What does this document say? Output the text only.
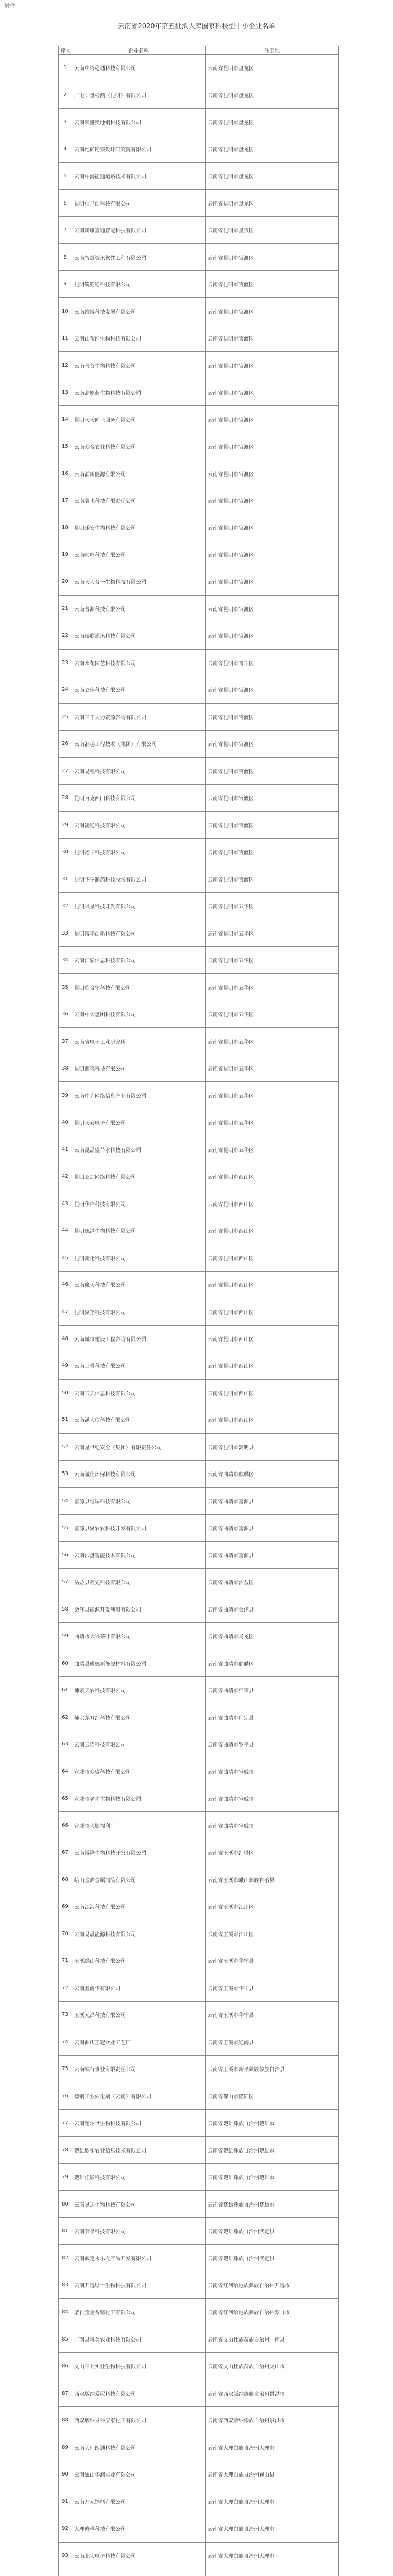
附件
云南省2020年第五批拟入库国家科技型中小企业名单
序号	企业名称	注册地
1	云南中咨稳通科技有限公司	云南省昆明市盘龙区
2	广电计量检测（昆明）有限公司	云南省昆明市盘龙区
3	云南领盛奥地钢科技有限公司	云南省昆明市盘龙区
4	云南地矿勘察设计研究院有限公司	云南省昆明市盘龙区
5	云南中海能通道路技术有限公司	云南省昆明市盘龙区
6	昆明信马创科技有限公司	云南省昆明市盘龙区
7	云南新康富通智能科技有限公司	云南省昆明市呈贡区
8	云南智慧资讯软件工程有限公司	云南省昆明市官渡区
9	昆明锐勤通科技有限公司	云南省昆明市官渡区
10	云南维博科技发展有限公司	云南省昆明市官渡区
11	云南山莹红生物科技有限公司	云南省昆明市官渡区
12	云南善谷生物科技有限公司	云南省昆明市官渡区
13	云南高原蓝生物科技有限公司	云南省昆明市官渡区
14	昆明天天向上服务有限公司	云南省昆明市官渡区
15	云南众合农业科技有限公司	云南省昆明市官渡区
16	云南浦新能源有限公司	云南省昆明市官渡区
17	云南翼飞科技有限责任公司	云南省昆明市官渡区
18	昆明乐安生物科技有限公司	云南省昆明市官渡区
19	云南映鸣科技有限公司	云南省昆明市官渡区
20	云南天人合一生物科技有限公司	云南省昆明市官渡区
21	云南普源科技有限公司	云南省昆明市官渡区
22	云南瑞联通讯科技有限公司	云南省昆明市官渡区
23	云南水花园艺科技有限公司	云南省昆明市晋宁区
24	云南立佳科技有限公司	云南省昆明市官渡区
25	云南三千人力资源咨询有限公司	云南省昆明市官渡区
26	云南润趣工程技术（集团）有限公司	云南省昆明市官渡区
27	云南易程科技有限公司	云南省昆明市官渡区
28	昆明百克西门科技有限公司	云南省昆明市官渡区
29	云南凌通科技有限公司	云南省昆明市官渡区
30	昆明德卡科技有限公司	云南省昆明市官渡区
31	昆明华生制药科技股份有限公司	云南省昆明市官渡区
32	昆明兴星科技开发有限公司	云南省昆明市五华区
33	昆明博华创新科技有限公司	云南省昆明市五华区
34	云南汇彩信息科技有限公司	云南省昆明市五华区
35	昆明临舍宁科技有限公司	云南省昆明市五华区
36	云南中大惠团科技有限公司	云南省昆明市五华区
37	云南省电子工业研究所	云南省昆明市五华区
38	昆明蓝森科技有限公司	云南省昆明市五华区
39	云南中为网络信息产业有限公司	云南省昆明市五华区
40	昆明天泰电子有限公司	云南省昆明市五华区
41	云南昆品盛节水科技有限公司	云南省昆明市五华区
42	昆明亚加网络科技有限公司	云南省昆明市西山区
43	昆明华信科技有限公司	云南省昆明市西山区
44	昆明德港生物科技有限公司	云南省昆明市西山区
45	昆明新化科技有限公司	云南省昆明市西山区
46	云南魔天科技有限公司	云南省昆明市西山区
47	昆明聚翔科技有限公司	云南省昆明市西山区
48	云南城市建设工程咨询有限公司	云南省昆明市西山区
49	云南三骨科技有限公司	云南省昆明市西山区
50	云南云天信息科技有限公司	云南省昆明市西山区
51	云南满大信科技有限公司	云南省昆明市西山区
52	云南星世纪安全（集团）有限责任公司	云南省昆明市嵩明县
53	云南诚佳环保科技有限公司	云南省曲靖市麒麟区
54	富源县恒瑞科技有限公司	云南省曲靖市富源县
55	富源县聚农农科技开发有限公司	云南省曲靖市富源县
56	云南沙盘智能技术有限公司	云南省曲靖市富源县
57	沾益县领先科技有限公司	云南省曲靖市沾益区
58	会泽县能源开发利用有限公司	云南省曲靖市会泽县
59	曲靖市大兴茶叶有限公司	云南省曲靖市马龙区
60	曲靖县耀德新能源材料有限公司	云南省曲靖市麒麟区
61	师宗天农科技有限公司	云南省曲靖市师宗县
62	师宗东方红科技有限公司	云南省曲靖市师宗县
63	云南云语科技有限公司	云南省曲靖市罗平县
64	宣威市众盛科技有限公司	云南省曲靖市宣威市
65	宣威市老才生物科技有限公司	云南省曲靖市宣威市
66	宣威市火腿福利厂	云南省曲靖市宣威市
67	云南博隆生物科技开发有限公司	云南省玉溪市红塔区
68	峨山金峰金属制品有限公司	云南省玉溪市峨山彝族自治县
69	云南江海科技有限公司	云南省玉溪市江川区
70	云南易晨能源科技有限公司	云南省玉溪市江川区
71	玉溪绿山科技有限公司	云南省玉溪市华宁县
72	云南鑫鸿华有限公司	云南省玉溪市华宁县
73	玉溪元昌科技有限公司	云南省玉溪市华宁县
74	云南曲庆王冠饮业工艺厂	云南省玉溪市通海县
75	云南铁行事业有限责任公司	云南省玉溪市新平彝族傣族自治县
76	德钢工业催化剂（云南）有限公司	云南省保山市隆阳区
77	云南楚尔世生物科技有限公司	云南省楚雄彝族自治州楚雄市
78	楚雄欣和农业信息技术有限公司	云南省楚雄彝族自治州楚雄市
79	楚雄佳影科技有限公司	云南省楚雄彝族自治州楚雄市
80	云南显达生物科技有限公司	云南省楚雄彝族自治州楚雄市
81	云南芸泉科技有限公司	云南省楚雄彝族自治州武定县
82	云南武定永乐农产品开发有限公司	云南省楚雄彝族自治州武定县
83	云南开远绿世生物科技有限公司	云南省红河哈尼族彝族自治州开远市
84	蒙自宝金香馨化工有限公司	云南省红河哈尼族彝族自治州蒙自市
85	广南县科美农业科技有限公司	云南省文山壮族苗族自治州广南县
86	文山三七实业生物科技有限公司	云南省文山壮族苗族自治州文山市
87	西双版纳爱尼科技有限公司	云南省西双版纳傣族自治州景洪市
88	西双版纳景谷康泰化工有限公司	云南省西双版纳傣族自治州景洪市
89	云南大理四通科技有限公司	云南省大理白族自治州大理市
90	云南巍山华润实业有限公司	云南省大理白族自治州巍山县
91	云南乃元饲料有限公司	云南省大理白族自治州大理市
92	大理修玛科技有限公司	云南省大理白族自治州大理市
93	云南北大电子科技有限公司	云南省大理白族自治州大理市
